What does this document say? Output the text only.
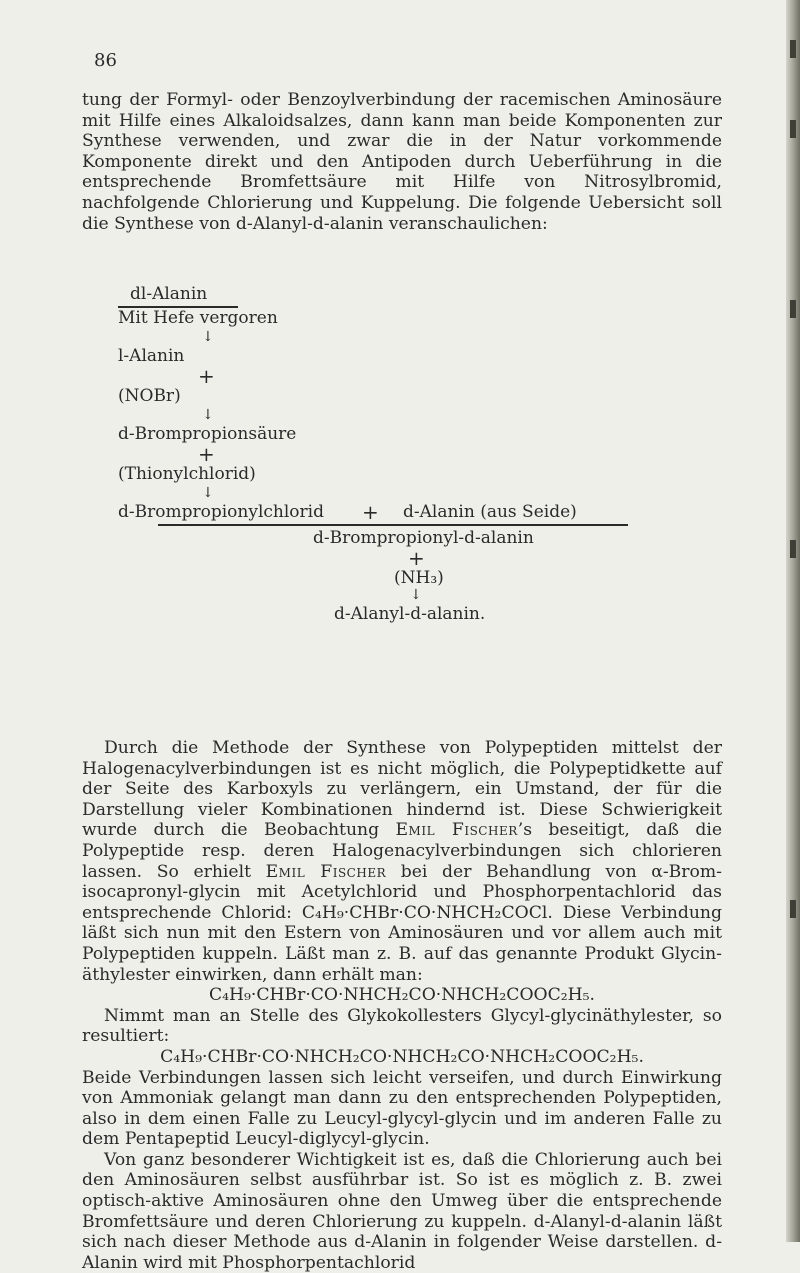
86

tung der Formyl- oder Benzoylverbindung der racemischen Aminosäure mit Hilfe eines Alkaloidsalzes, dann kann man beide Komponenten zur Synthese verwenden, und zwar die in der Natur vorkommende Komponente direkt und den Antipoden durch Ueberführung in die entsprechende Bromfettsäure mit Hilfe von Nitrosylbromid, nachfolgende Chlorierung und Kuppelung. Die folgende Uebersicht soll die Synthese von d-Alanyl-d-alanin veranschaulichen:

dl-Alanin
Mit Hefe vergoren
↓
l-Alanin
+
(NOBr)
↓
d-Brompropionsäure
+
(Thionylchlorid)
↓
d-Brompropionylchlorid + d-Alanin (aus Seide)
d-Brompropionyl-d-alanin
+
(NH₃)
↓
d-Alanyl-d-alanin.

Durch die Methode der Synthese von Polypeptiden mittelst der Halogenacylverbindungen ist es nicht möglich, die Polypeptidkette auf der Seite des Karboxyls zu verlängern, ein Umstand, der für die Darstellung vieler Kombinationen hindernd ist. Diese Schwierigkeit wurde durch die Beobachtung Emil Fischer’s beseitigt, daß die Polypeptide resp. deren Halogenacylverbindungen sich chlorieren lassen. So erhielt Emil Fischer bei der Behandlung von α-Brom-isocapronyl-glycin mit Acetylchlorid und Phosphorpentachlorid das entsprechende Chlorid: C₄H₉·CHBr·CO·NHCH₂COCl. Diese Verbindung läßt sich nun mit den Estern von Aminosäuren und vor allem auch mit Polypeptiden kuppeln. Läßt man z. B. auf das genannte Produkt Glycin-äthylester einwirken, dann erhält man:

C₄H₉·CHBr·CO·NHCH₂CO·NHCH₂COOC₂H₅.

Nimmt man an Stelle des Glykokollesters Glycyl-glycinäthylester, so resultiert:

C₄H₉·CHBr·CO·NHCH₂CO·NHCH₂CO·NHCH₂COOC₂H₅.

Beide Verbindungen lassen sich leicht verseifen, und durch Einwirkung von Ammoniak gelangt man dann zu den entsprechenden Polypeptiden, also in dem einen Falle zu Leucyl-glycyl-glycin und im anderen Falle zu dem Pentapeptid Leucyl-diglycyl-glycin.

Von ganz besonderer Wichtigkeit ist es, daß die Chlorierung auch bei den Aminosäuren selbst ausführbar ist. So ist es möglich z. B. zwei optisch-aktive Aminosäuren ohne den Umweg über die entsprechende Bromfettsäure und deren Chlorierung zu kuppeln. d-Alanyl-d-alanin läßt sich nach dieser Methode aus d-Alanin in folgender Weise darstellen. d-Alanin wird mit Phosphorpentachlorid
